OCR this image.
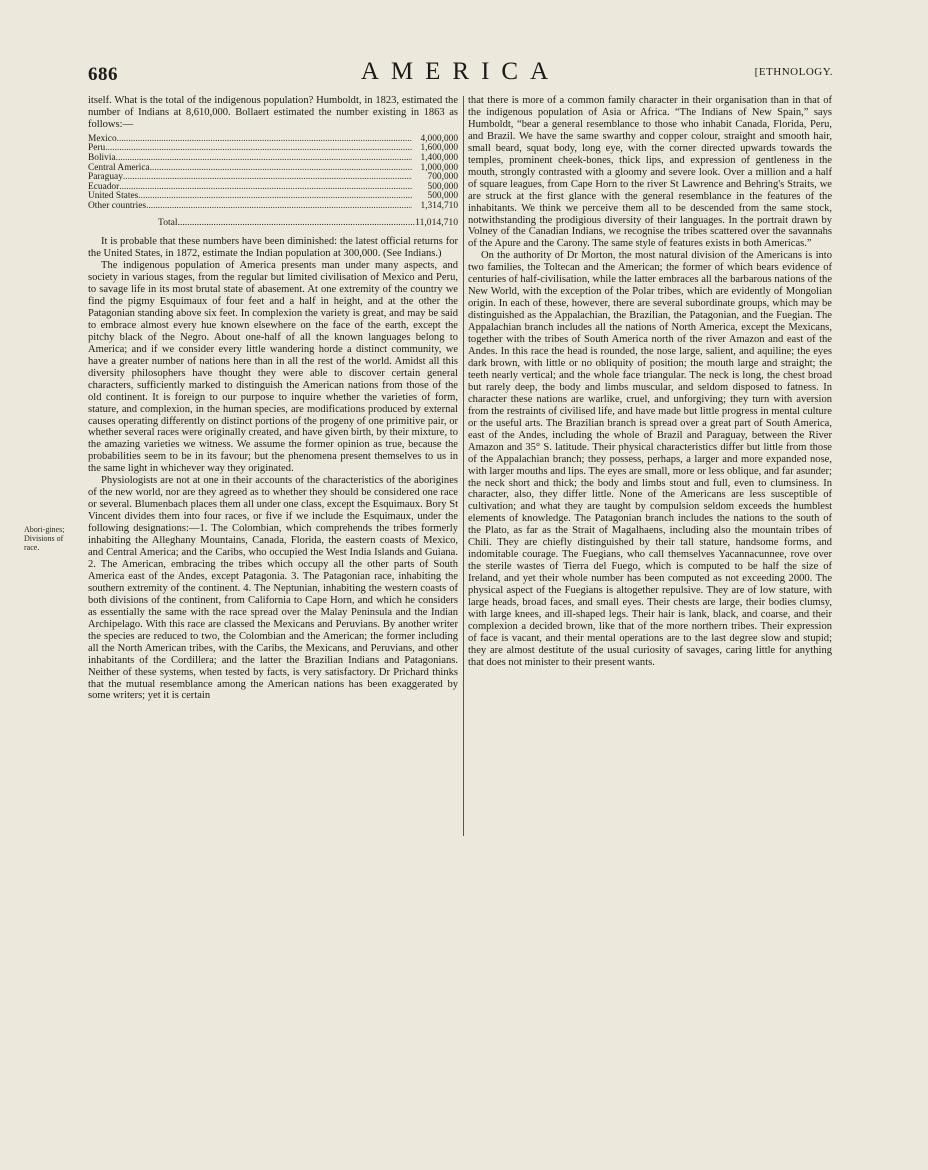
686	AMERICA	[ETHNOLOGY.
Abori-gines; Divisions of race.

itself. What is the total of the indigenous population? Humboldt, in 1823, estimated the number of Indians at 8,610,000. Bollaert estimated the number existing in 1863 as follows:—

Mexico .....	4,000,000
Peru .....	1,600,000
Bolivia .....	1,400,000
Central America .....	1,000,000
Paraguay .....	700,000
Ecuador .....	500,000
United States .....	500,000
Other countries .....	1,314,710
Total .....	11,014,710

It is probable that these numbers have been diminished: the latest official returns for the United States, in 1872, estimate the Indian population at 300,000. (See Indians.)

The indigenous population of America presents man under many aspects, and society in various stages, from the regular but limited civilisation of Mexico and Peru, to savage life in its most brutal state of abasement. At one extremity of the country we find the pigmy Esquimaux of four feet and a half in height, and at the other the Patagonian standing above six feet. In complexion the variety is great, and may be said to embrace almost every hue known elsewhere on the face of the earth, except the pitchy black of the Negro. About one-half of all the known languages belong to America; and if we consider every little wandering horde a distinct community, we have a greater number of nations here than in all the rest of the world. Amidst all this diversity philosophers have thought they were able to discover certain general characters, sufficiently marked to distinguish the American nations from those of the old continent. It is foreign to our purpose to inquire whether the varieties of form, stature, and complexion, in the human species, are modifications produced by external causes operating differently on distinct portions of the progeny of one primitive pair, or whether several races were originally created, and have given birth, by their mixture, to the amazing varieties we witness. We assume the former opinion as true, because the probabilities seem to be in its favour; but the phenomena present themselves to us in the same light in whichever way they originated.

Physiologists are not at one in their accounts of the characteristics of the aborigines of the new world, nor are they agreed as to whether they should be considered one race or several. Blumenbach places them all under one class, except the Esquimaux. Bory St Vincent divides them into four races, or five if we include the Esquimaux, under the following designations:—1. The Colombian, which comprehends the tribes formerly inhabiting the Alleghany Mountains, Canada, Florida, the eastern coasts of Mexico, and Central America; and the Caribs, who occupied the West India Islands and Guiana. 2. The American, embracing the tribes which occupy all the other parts of South America east of the Andes, except Patagonia. 3. The Patagonian race, inhabiting the southern extremity of the continent. 4. The Neptunian, inhabiting the western coasts of both divisions of the continent, from California to Cape Horn, and which he considers as essentially the same with the race spread over the Malay Peninsula and the Indian Archipelago. With this race are classed the Mexicans and Peruvians. By another writer the species are reduced to two, the Colombian and the American; the former including all the North American tribes, with the Caribs, the Mexicans, and Peruvians, and other inhabitants of the Cordillera; and the latter the Brazilian Indians and Patagonians. Neither of these systems, when tested by facts, is very satisfactory. Dr Prichard thinks that the mutual resemblance among the American nations has been exaggerated by some writers; yet it is certain

that there is more of a common family character in their organisation than in that of the indigenous population of Asia or Africa. “The Indians of New Spain,” says Humboldt, “bear a general resemblance to those who inhabit Canada, Florida, Peru, and Brazil. We have the same swarthy and copper colour, straight and smooth hair, small beard, squat body, long eye, with the corner directed upwards towards the temples, prominent cheek-bones, thick lips, and expression of gentleness in the mouth, strongly contrasted with a gloomy and severe look. Over a million and a half of square leagues, from Cape Horn to the river St Lawrence and Behring's Straits, we are struck at the first glance with the general resemblance in the features of the inhabitants. We think we perceive them all to be descended from the same stock, notwithstanding the prodigious diversity of their languages. In the portrait drawn by Volney of the Canadian Indians, we recognise the tribes scattered over the savannahs of the Apure and the Carony. The same style of features exists in both Americas.”

On the authority of Dr Morton, the most natural division of the Americans is into two families, the Toltecan and the American; the former of which bears evidence of centuries of half-civilisation, while the latter embraces all the barbarous nations of the New World, with the exception of the Polar tribes, which are evidently of Mongolian origin. In each of these, however, there are several subordinate groups, which may be distinguished as the Appalachian, the Brazilian, the Patagonian, and the Fuegian. The Appalachian branch includes all the nations of North America, except the Mexicans, together with the tribes of South America north of the river Amazon and east of the Andes. In this race the head is rounded, the nose large, salient, and aquiline; the eyes dark brown, with little or no obliquity of position; the mouth large and straight; the teeth nearly vertical; and the whole face triangular. The neck is long, the chest broad but rarely deep, the body and limbs muscular, and seldom disposed to fatness. In character these nations are warlike, cruel, and unforgiving; they turn with aversion from the restraints of civilised life, and have made but little progress in mental culture or the useful arts. The Brazilian branch is spread over a great part of South America, east of the Andes, including the whole of Brazil and Paraguay, between the River Amazon and 35° S. latitude. Their physical characteristics differ but little from those of the Appalachian branch; they possess, perhaps, a larger and more expanded nose, with larger mouths and lips. The eyes are small, more or less oblique, and far asunder; the neck short and thick; the body and limbs stout and full, even to clumsiness. In character, also, they differ little. None of the Americans are less susceptible of cultivation; and what they are taught by compulsion seldom exceeds the humblest elements of knowledge. The Patagonian branch includes the nations to the south of the Plato, as far as the Strait of Magalhaens, including also the mountain tribes of Chili. They are chiefly distinguished by their tall stature, handsome forms, and indomitable courage. The Fuegians, who call themselves Yacannacunnee, rove over the sterile wastes of Tierra del Fuego, which is computed to be half the size of Ireland, and yet their whole number has been computed as not exceeding 2000. The physical aspect of the Fuegians is altogether repulsive. They are of low stature, with large heads, broad faces, and small eyes. Their chests are large, their bodies clumsy, with large knees, and ill-shaped legs. Their hair is lank, black, and coarse, and their complexion a decided brown, like that of the more northern tribes. Their expression of face is vacant, and their mental operations are to the last degree slow and stupid; they are almost destitute of the usual curiosity of savages, caring little for anything that does not minister to their present wants.
